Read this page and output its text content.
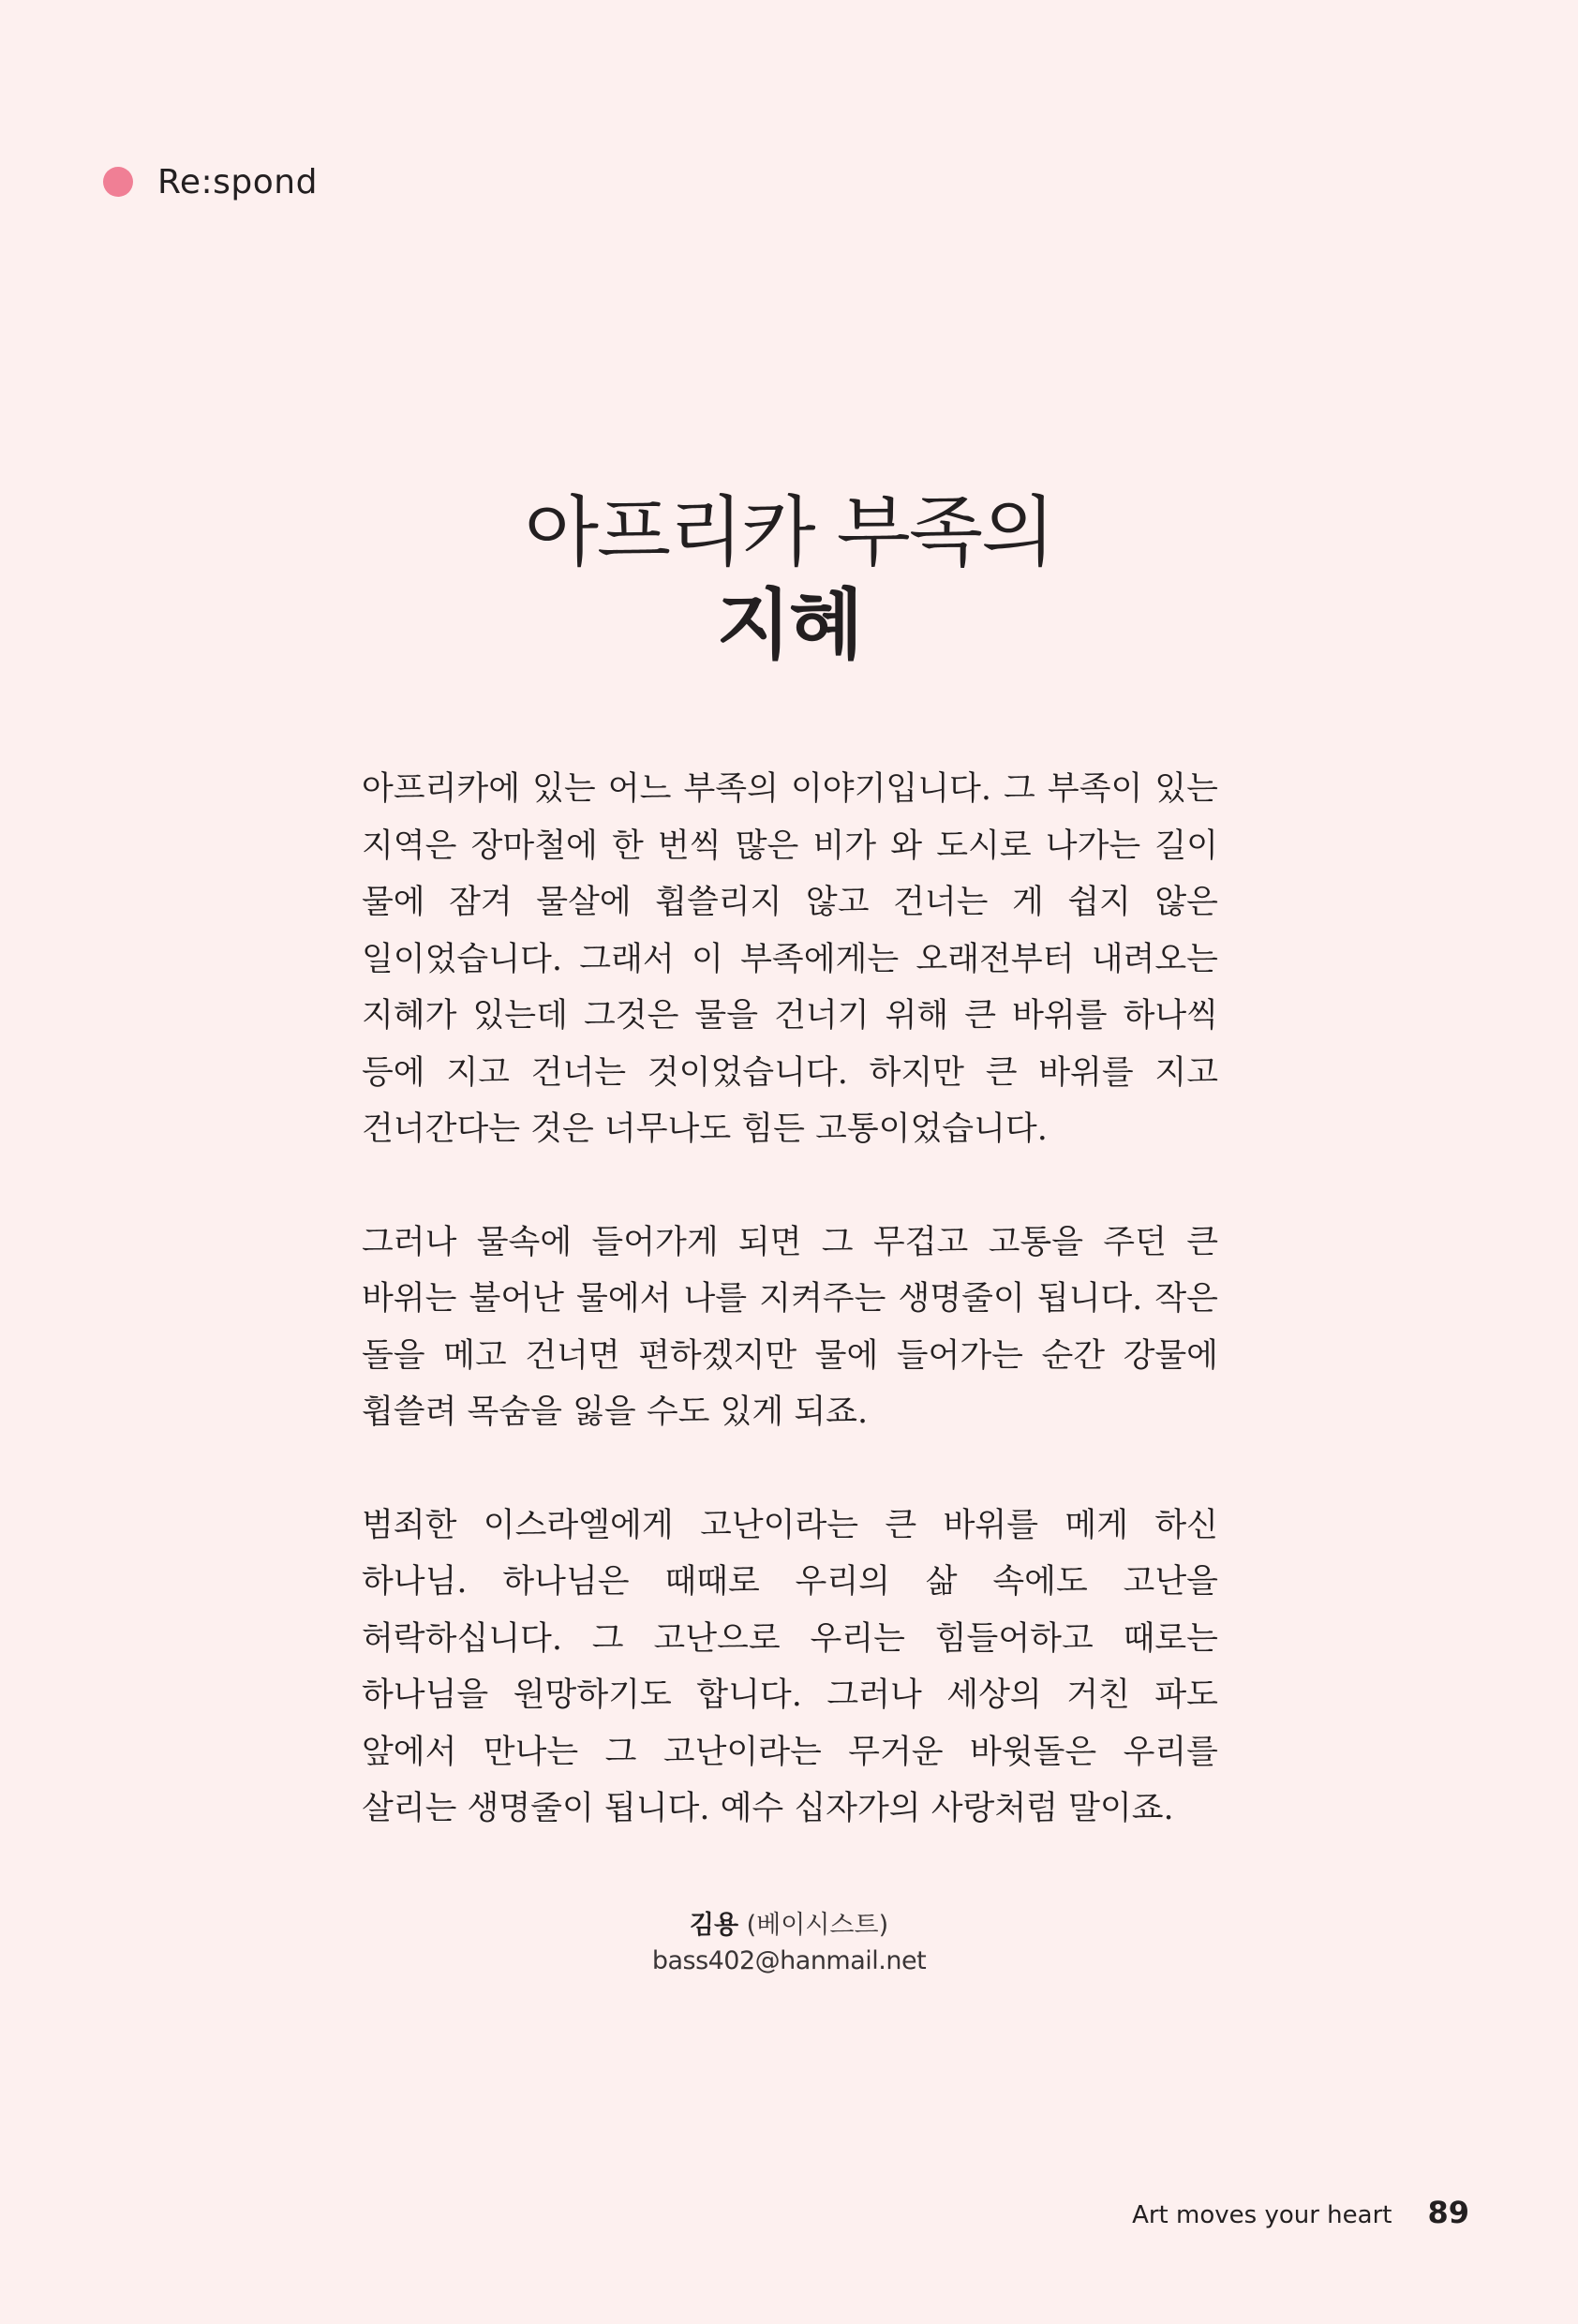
Re:spond
아프리카 부족의
지혜

아프리카에 있는 어느 부족의 이야기입니다. 그 부족이 있는 지역은 장마철에 한 번씩 많은 비가 와 도시로 나가는 길이 물에 잠겨 물살에 휩쓸리지 않고 건너는 게 쉽지 않은 일이었습니다. 그래서 이 부족에게는 오래전부터 내려오는 지혜가 있는데 그것은 물을 건너기 위해 큰 바위를 하나씩 등에 지고 건너는 것이었습니다. 하지만 큰 바위를 지고 건너간다는 것은 너무나도 힘든 고통이었습니다.

그러나 물속에 들어가게 되면 그 무겁고 고통을 주던 큰 바위는 불어난 물에서 나를 지켜주는 생명줄이 됩니다. 작은 돌을 메고 건너면 편하겠지만 물에 들어가는 순간 강물에 휩쓸려 목숨을 잃을 수도 있게 되죠.

범죄한 이스라엘에게 고난이라는 큰 바위를 메게 하신 하나님. 하나님은 때때로 우리의 삶 속에도 고난을 허락하십니다. 그 고난으로 우리는 힘들어하고 때로는 하나님을 원망하기도 합니다. 그러나 세상의 거친 파도 앞에서 만나는 그 고난이라는 무거운 바윗돌은 우리를 살리는 생명줄이 됩니다. 예수 십자가의 사랑처럼 말이죠.

김용 (베이시스트)
bass402@hanmail.net
Art moves your heart 89
